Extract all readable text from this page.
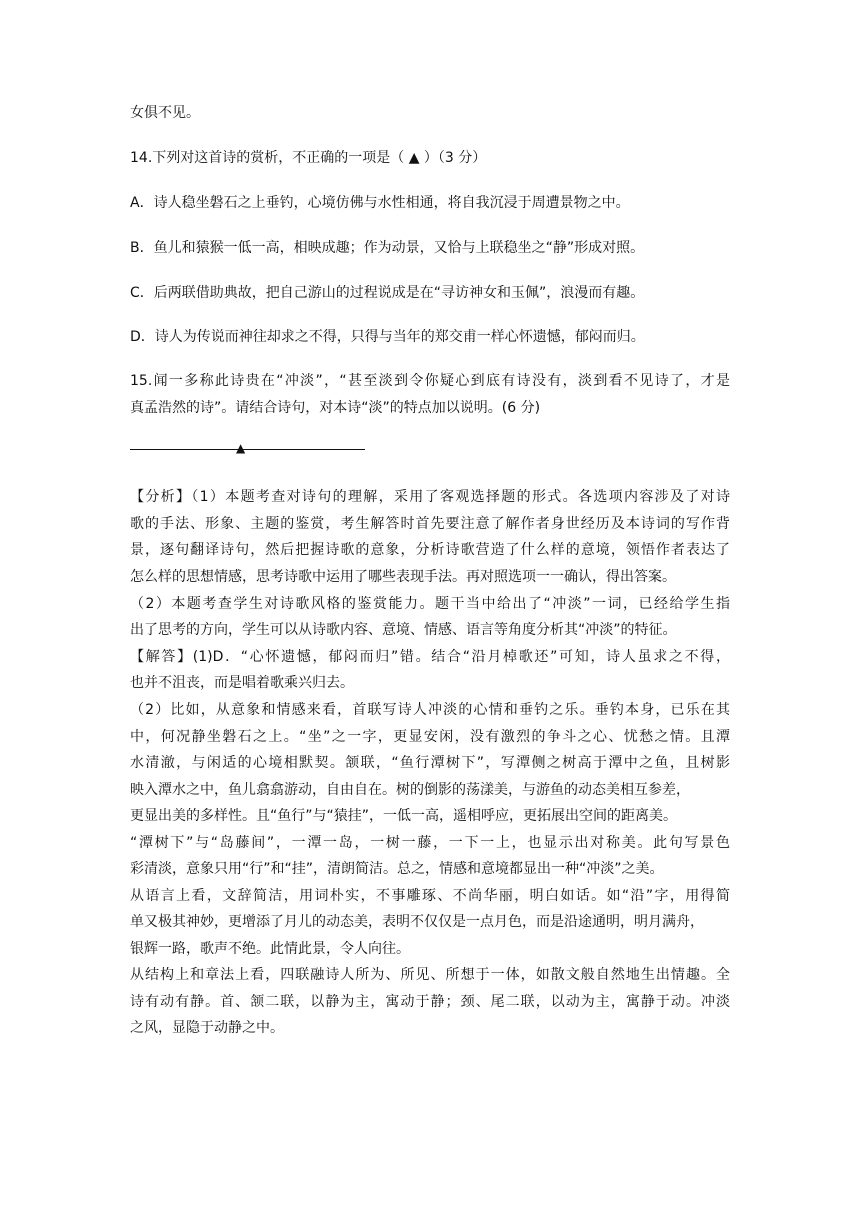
女俱不见。
14.下列对这首诗的赏析，不正确的一项是（ ▲ ）（3 分）
A．诗人稳坐磐石之上垂钓，心境仿佛与水性相通，将自我沉浸于周遭景物之中。
B．鱼儿和猿猴一低一高，相映成趣；作为动景，又恰与上联稳坐之“静”形成对照。
C．后两联借助典故，把自己游山的过程说成是在“寻访神女和玉佩”，浪漫而有趣。
D．诗人为传说而神往却求之不得，只得与当年的郑交甫一样心怀遗憾，郁闷而归。
15.闻一多称此诗贵在“冲淡”，“甚至淡到令你疑心到底有诗没有，淡到看不见诗了，才是
真孟浩然的诗”。请结合诗句，对本诗“淡”的特点加以说明。(6 分)
▲
【分析】（1）本题考查对诗句的理解，采用了客观选择题的形式。各选项内容涉及了对诗
歌的手法、形象、主题的鉴赏，考生解答时首先要注意了解作者身世经历及本诗词的写作背
景，逐句翻译诗句，然后把握诗歌的意象，分析诗歌营造了什么样的意境，领悟作者表达了
怎么样的思想情感，思考诗歌中运用了哪些表现手法。再对照选项一一确认，得出答案。
（2）本题考查学生对诗歌风格的鉴赏能力。题干当中给出了“冲淡”一词，已经给学生指
出了思考的方向，学生可以从诗歌内容、意境、情感、语言等角度分析其“冲淡”的特征。
【解答】(1)D．“心怀遗憾，郁闷而归”错。结合“沿月棹歌还”可知，诗人虽求之不得，
也并不沮丧，而是唱着歌乘兴归去。
（2）比如，从意象和情感来看，首联写诗人冲淡的心情和垂钓之乐。垂钓本身，已乐在其
中，何况静坐磐石之上。“坐”之一字，更显安闲，没有激烈的争斗之心、忧愁之情。且潭
水清澈，与闲适的心境相默契。颔联，“鱼行潭树下”，写潭侧之树高于潭中之鱼，且树影
映入潭水之中，鱼儿翕翕游动，自由自在。树的倒影的荡漾美，与游鱼的动态美相互参差，
更显出美的多样性。且“鱼行”与“猿挂”，一低一高，遥相呼应，更拓展出空间的距离美。
“潭树下”与“岛藤间”，一潭一岛，一树一藤，一下一上，也显示出对称美。此句写景色
彩清淡，意象只用“行”和“挂”，清朗简洁。总之，情感和意境都显出一种“冲淡”之美。
从语言上看，文辞简洁，用词朴实，不事雕琢、不尚华丽，明白如话。如“沿”字，用得简
单又极其神妙，更增添了月儿的动态美，表明不仅仅是一点月色，而是沿途通明，明月满舟，
银辉一路，歌声不绝。此情此景，令人向往。
从结构上和章法上看，四联融诗人所为、所见、所想于一体，如散文般自然地生出情趣。全
诗有动有静。首、颔二联，以静为主，寓动于静；颈、尾二联，以动为主，寓静于动。冲淡
之风，显隐于动静之中。
